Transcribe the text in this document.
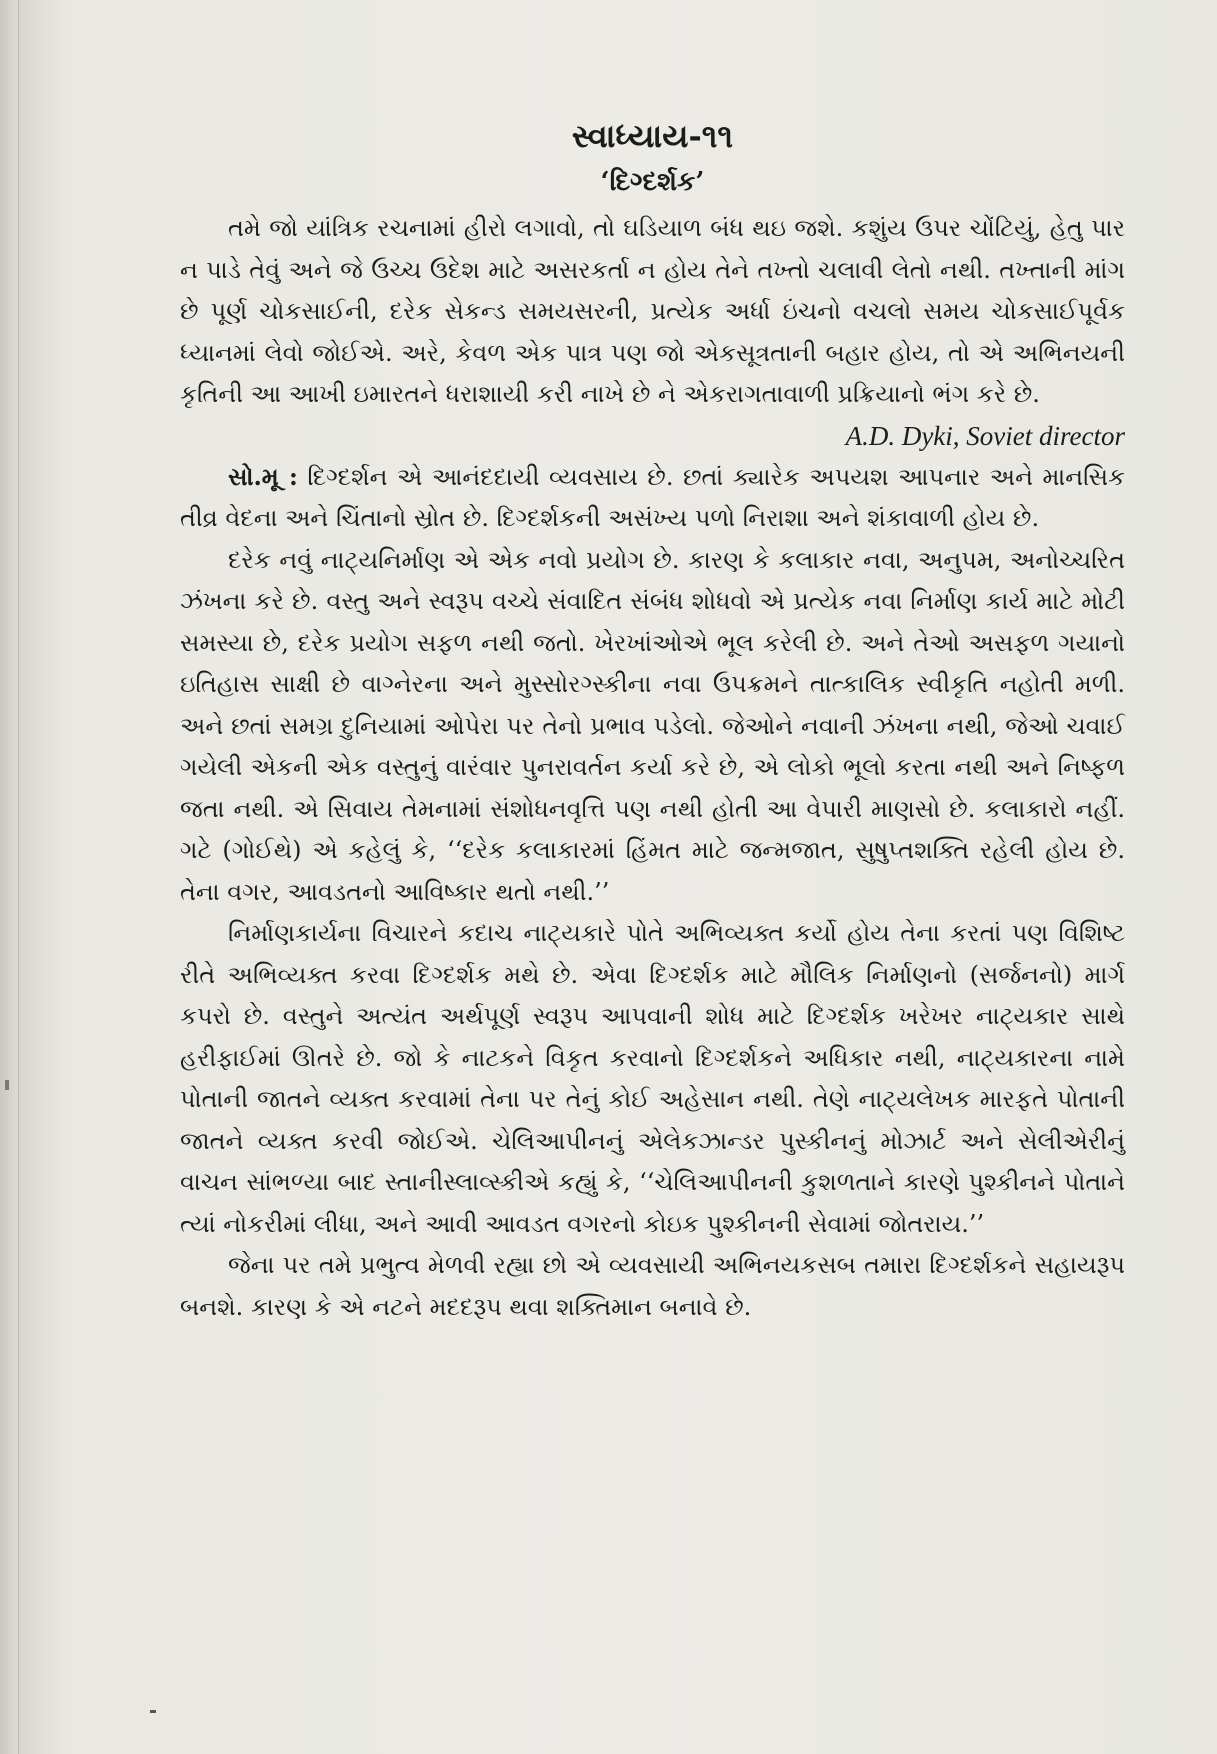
સ્વાધ્યાય-૧૧
‘દિગ્દર્શક’

તમે જો યાંત્રિક રચનામાં હીરો લગાવો, તો ઘડિયાળ બંધ થઇ જશે. કશુંય ઉપર ચોંટિયું, હેતુ પાર ન પાડે તેવું અને જે ઉચ્ચ ઉદેશ માટે અસરકર્તા ન હોય તેને તખ્તો ચલાવી લેતો નથી. તખ્તાની માંગ છે પૂર્ણ ચોકસાઈની, દરેક સેકન્ડ સમયસરની, પ્રત્યેક અર્ધા ઇંચનો વચલો સમય ચોકસાઈપૂર્વક ધ્યાનમાં લેવો જોઈએ. અરે, કેવળ એક પાત્ર પણ જો એકસૂત્રતાની બહાર હોય, તો એ અભિનયની કૃતિની આ આખી ઇમારતને ધરાશાયી કરી નાખે છે ને એકરાગતાવાળી પ્રક્રિયાનો ભંગ કરે છે.

A.D. Dyki, Soviet director

સો.મૂ : દિગ્દર્શન એ આનંદદાયી વ્યવસાય છે. છતાં ક્યારેક અપયશ આપનાર અને માનસિક તીવ્ર વેદના અને ચિંતાનો સ્રોત છે. દિગ્દર્શકની અસંખ્ય પળો નિરાશા અને શંકાવાળી હોય છે.

દરેક નવું નાટ્યનિર્માણ એ એક નવો પ્રયોગ છે. કારણ કે કલાકાર નવા, અનુપમ, અનોચ્ચરિત ઝંખના કરે છે. વસ્તુ અને સ્વરૂપ વચ્ચે સંવાદિત સંબંધ શોધવો એ પ્રત્યેક નવા નિર્માણ કાર્ય માટે મોટી સમસ્યા છે, દરેક પ્રયોગ સફળ નથી જતો. ખેરખાંઓએ ભૂલ કરેલી છે. અને તેઓ અસફળ ગયાનો ઇતિહાસ સાક્ષી છે વાગ્નેરના અને મુસ્સોરગ્સ્કીના નવા ઉપક્રમને તાત્કાલિક સ્વીકૃતિ નહોતી મળી. અને છતાં સમગ્ર દુનિયામાં ઓપેરા પર તેનો પ્રભાવ પડેલો. જેઓને નવાની ઝંખના નથી, જેઓ ચવાઈ ગયેલી એકની એક વસ્તુનું વારંવાર પુનરાવર્તન કર્યા કરે છે, એ લોકો ભૂલો કરતા નથી અને નિષ્ફળ જતા નથી. એ સિવાય તેમનામાં સંશોધનવૃત્તિ પણ નથી હોતી આ વેપારી માણસો છે. કલાકારો નહીં. ગટે (ગોઈથે) એ કહેલું કે, ‘‘દરેક કલાકારમાં હિંમત માટે જન્મજાત, સુષુપ્તશક્તિ રહેલી હોય છે. તેના વગર, આવડતનો આવિષ્કાર થતો નથી.’’

નિર્માણકાર્યના વિચારને કદાચ નાટ્યકારે પોતે અભિવ્યક્ત કર્યો હોય તેના કરતાં પણ વિશિષ્ટ રીતે અભિવ્યક્ત કરવા દિગ્દર્શક મથે છે. એવા દિગ્દર્શક માટે મૌલિક નિર્માણનો (સર્જનનો) માર્ગ કપરો છે. વસ્તુને અત્યંત અર્થપૂર્ણ સ્વરૂપ આપવાની શોધ માટે દિગ્દર્શક ખરેખર નાટ્યકાર સાથે હરીફાઈમાં ઊતરે છે. જો કે નાટકને વિકૃત કરવાનો દિગ્દર્શકને અધિકાર નથી, નાટ્યકારના નામે પોતાની જાતને વ્યક્ત કરવામાં તેના પર તેનું કોઈ અહેસાન નથી. તેણે નાટ્યલેખક મારફતે પોતાની જાતને વ્યક્ત કરવી જોઈએ. ચેલિઆપીનનું એલેકઝાન્ડર પુસ્કીનનું મોઝાર્ટ અને સેલીએરીનું વાચન સાંભળ્યા બાદ સ્તાનીસ્લાવ્સ્કીએ કહ્યું કે, ‘‘ચેલિઆપીનની કુશળતાને કારણે પુશ્કીનને પોતાને ત્યાં નોકરીમાં લીધા, અને આવી આવડત વગરનો કોઇક પુશ્કીનની સેવામાં જોતરાય.’’

જેના પર તમે પ્રભુત્વ મેળવી રહ્યા છો એ વ્યવસાયી અભિનયકસબ તમારા દિગ્દર્શકને સહાયરૂપ બનશે. કારણ કે એ નટને મદદરૂપ થવા શક્તિમાન બનાવે છે.
